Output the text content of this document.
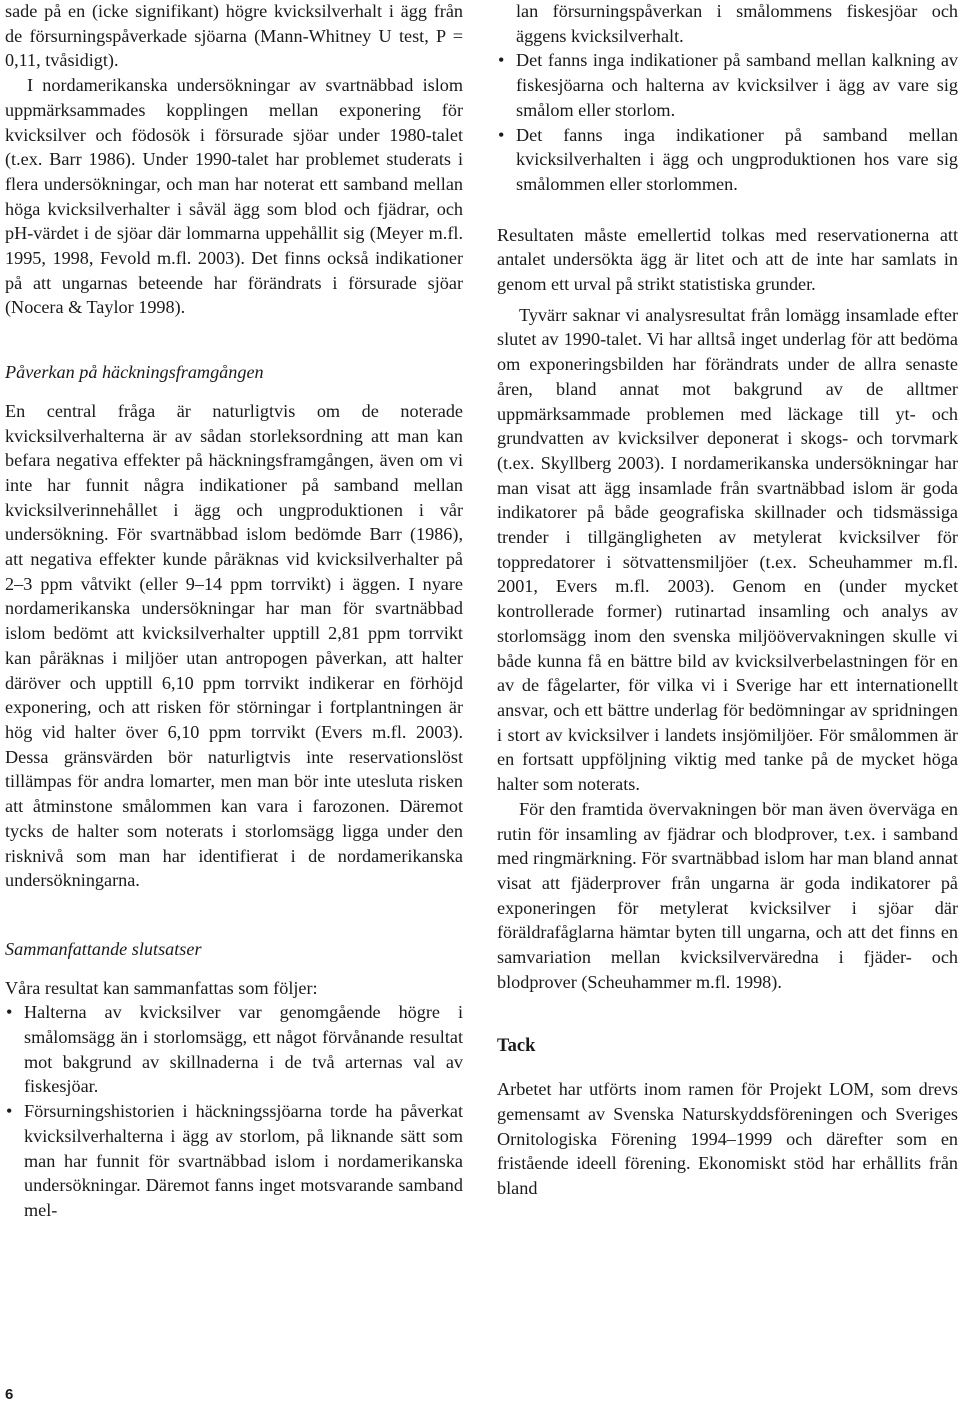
sade på en (icke signifikant) högre kvicksilverhalt i ägg från de försurningspåverkade sjöarna (Mann-Whitney U test, P = 0,11, tvåsidigt).

I nordamerikanska undersökningar av svartnäbbad islom uppmärksammades kopplingen mellan exponering för kvicksilver och födosök i försurade sjöar under 1980-talet (t.ex. Barr 1986). Under 1990-talet har problemet studerats i flera undersökningar, och man har noterat ett samband mellan höga kvicksilverhalter i såväl ägg som blod och fjädrar, och pH-värdet i de sjöar där lommarna uppehållit sig (Meyer m.fl. 1995, 1998, Fevold m.fl. 2003). Det finns också indikationer på att ungarnas beteende har förändrats i försurade sjöar (Nocera & Taylor 1998).

Påverkan på häckningsframgången

En central fråga är naturligtvis om de noterade kvicksilverhalterna är av sådan storleksordning att man kan befara negativa effekter på häckningsframgången, även om vi inte har funnit några indikationer på samband mellan kvicksilverinnehållet i ägg och ungproduktionen i vår undersökning. För svartnäbbad islom bedömde Barr (1986), att negativa effekter kunde påräknas vid kvicksilverhalter på 2–3 ppm våtvikt (eller 9–14 ppm torrvikt) i äggen. I nyare nordamerikanska undersökningar har man för svartnäbbad islom bedömt att kvicksilverhalter upptill 2,81 ppm torrvikt kan påräknas i miljöer utan antropogen påverkan, att halter däröver och upptill 6,10 ppm torrvikt indikerar en förhöjd exponering, och att risken för störningar i fortplantningen är hög vid halter över 6,10 ppm torrvikt (Evers m.fl. 2003). Dessa gränsvärden bör naturligtvis inte reservationslöst tillämpas för andra lomarter, men man bör inte utesluta risken att åtminstone smålommen kan vara i farozonen. Däremot tycks de halter som noterats i storlomsägg ligga under den risknivå som man har identifierat i de nordamerikanska undersökningarna.

Sammanfattande slutsatser

Våra resultat kan sammanfattas som följer:

• Halterna av kvicksilver var genomgående högre i smålomsägg än i storlomsägg, ett något förvånande resultat mot bakgrund av skillnaderna i de två arternas val av fiskesjöar.
• Försurningshistorien i häckningssjöarna torde ha påverkat kvicksilverhalterna i ägg av storlom, på liknande sätt som man har funnit för svartnäbbad islom i nordamerikanska undersökningar. Däremot fanns inget motsvarande samband mel-

lan försurningspåverkan i smålommens fiskesjöar och äggens kvicksilverhalt.

• Det fanns inga indikationer på samband mellan kalkning av fiskesjöarna och halterna av kvicksilver i ägg av vare sig smålom eller storlom.
• Det fanns inga indikationer på samband mellan kvicksilverhalten i ägg och ungproduktionen hos vare sig smålommen eller storlommen.

Resultaten måste emellertid tolkas med reservationerna att antalet undersökta ägg är litet och att de inte har samlats in genom ett urval på strikt statistiska grunder.

Tyvärr saknar vi analysresultat från lomägg insamlade efter slutet av 1990-talet. Vi har alltså inget underlag för att bedöma om exponeringsbilden har förändrats under de allra senaste åren, bland annat mot bakgrund av de alltmer uppmärksammade problemen med läckage till yt- och grundvatten av kvicksilver deponerat i skogs- och torvmark (t.ex. Skyllberg 2003). I nordamerikanska undersökningar har man visat att ägg insamlade från svartnäbbad islom är goda indikatorer på både geografiska skillnader och tidsmässiga trender i tillgängligheten av metylerat kvicksilver för toppredatorer i sötvattensmiljöer (t.ex. Scheuhammer m.fl. 2001, Evers m.fl. 2003). Genom en (under mycket kontrollerade former) rutinartad insamling och analys av storlomsägg inom den svenska miljöövervakningen skulle vi både kunna få en bättre bild av kvicksilverbelastningen för en av de fågelarter, för vilka vi i Sverige har ett internationellt ansvar, och ett bättre underlag för bedömningar av spridningen i stort av kvicksilver i landets insjömiljöer. För smålommen är en fortsatt uppföljning viktig med tanke på de mycket höga halter som noterats.

För den framtida övervakningen bör man även överväga en rutin för insamling av fjädrar och blodprover, t.ex. i samband med ringmärkning. För svartnäbbad islom har man bland annat visat att fjäderprover från ungarna är goda indikatorer på exponeringen för metylerat kvicksilver i sjöar där föräldrafåglarna hämtar byten till ungarna, och att det finns en samvariation mellan kvicksilverväredna i fjäder- och blodprover (Scheuhammer m.fl. 1998).

Tack

Arbetet har utförts inom ramen för Projekt LOM, som drevs gemensamt av Svenska Naturskyddsföreningen och Sveriges Ornitologiska Förening 1994–1999 och därefter som en fristående ideell förening. Ekonomiskt stöd har erhållits från bland

6
